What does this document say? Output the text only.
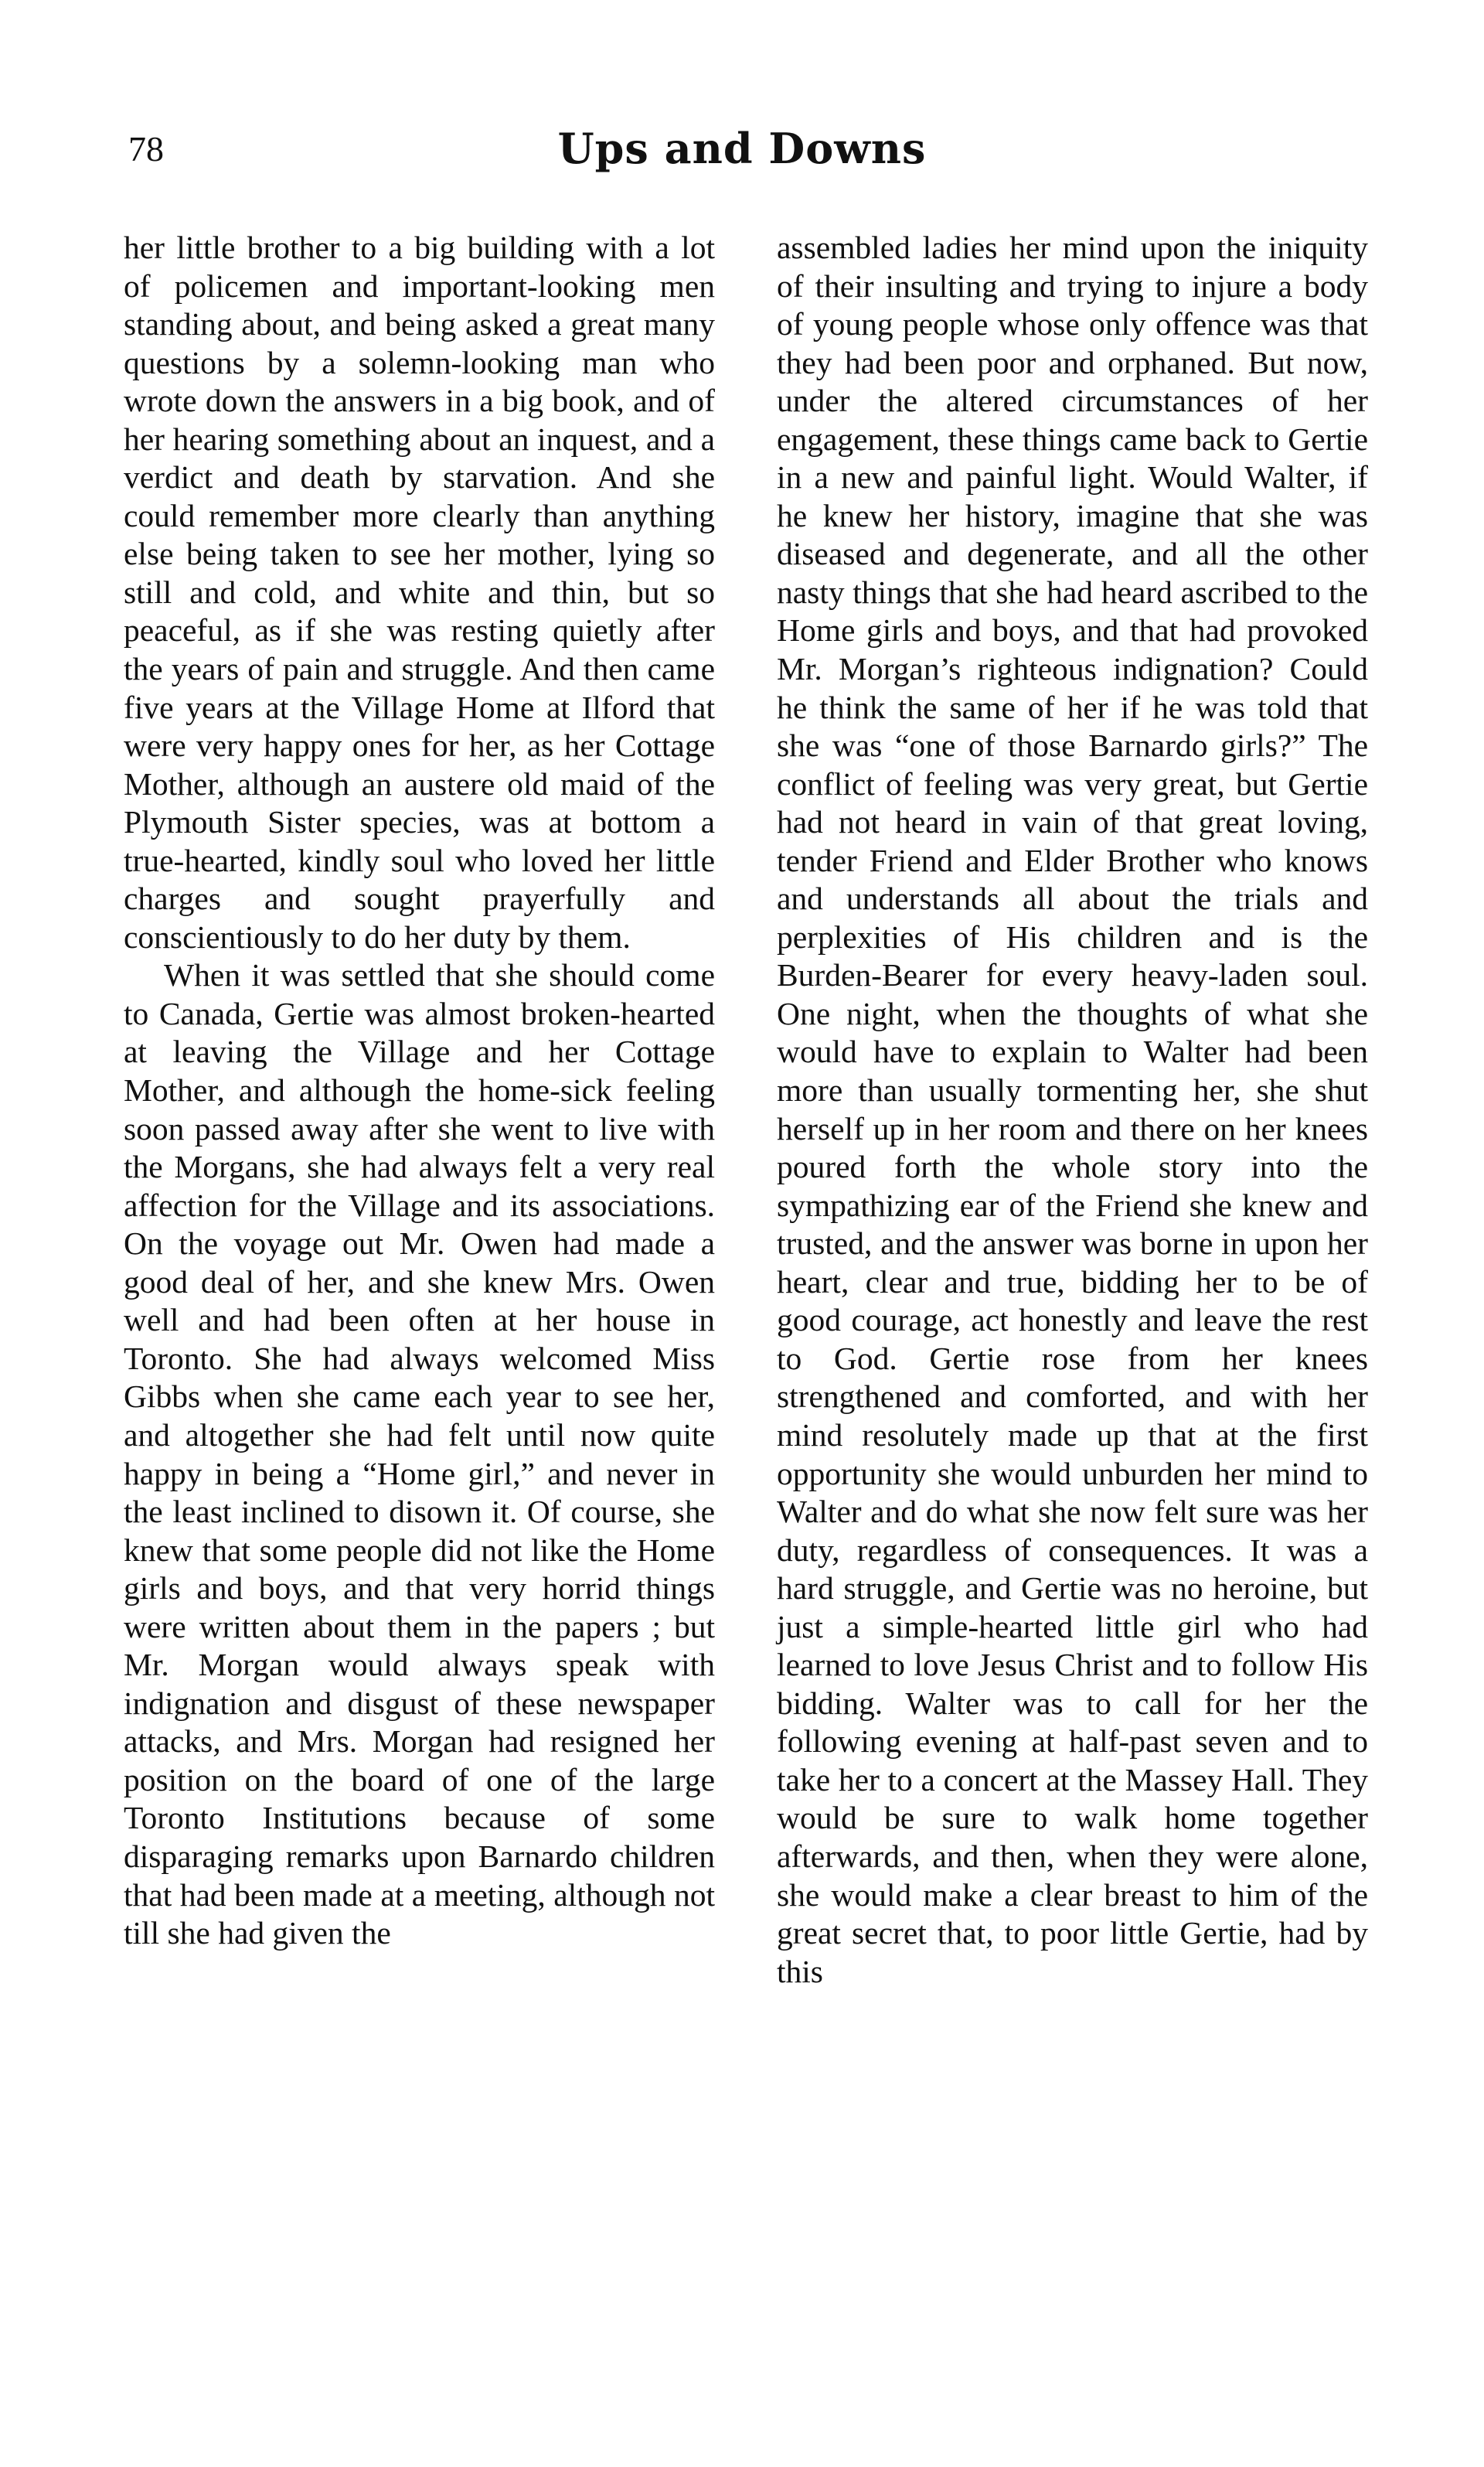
78	Ups and Downs

her little brother to a big building with a lot of policemen and important-looking men standing about, and being asked a great many questions by a solemn-looking man who wrote down the answers in a big book, and of her hearing something about an inquest, and a verdict and death by starvation. And she could remember more clearly than anything else being taken to see her mother, lying so still and cold, and white and thin, but so peaceful, as if she was resting quietly after the years of pain and struggle. And then came five years at the Village Home at Ilford that were very happy ones for her, as her Cottage Mother, although an austere old maid of the Plymouth Sister species, was at bottom a true-hearted, kindly soul who loved her little charges and sought prayerfully and conscientiously to do her duty by them.

When it was settled that she should come to Canada, Gertie was almost broken-hearted at leaving the Village and her Cottage Mother, and although the home-sick feeling soon passed away after she went to live with the Morgans, she had always felt a very real affection for the Village and its associations. On the voyage out Mr. Owen had made a good deal of her, and she knew Mrs. Owen well and had been often at her house in Toronto. She had always welcomed Miss Gibbs when she came each year to see her, and altogether she had felt until now quite happy in being a “Home girl,” and never in the least inclined to disown it. Of course, she knew that some people did not like the Home girls and boys, and that very horrid things were written about them in the papers ; but Mr. Morgan would always speak with indignation and disgust of these newspaper attacks, and Mrs. Morgan had resigned her position on the board of one of the large Toronto Institutions because of some disparaging remarks upon Barnardo children that had been made at a meeting, although not till she had given the

assembled ladies her mind upon the iniquity of their insulting and trying to injure a body of young people whose only offence was that they had been poor and orphaned. But now, under the altered circumstances of her engagement, these things came back to Gertie in a new and painful light. Would Walter, if he knew her history, imagine that she was diseased and degenerate, and all the other nasty things that she had heard ascribed to the Home girls and boys, and that had provoked Mr. Morgan’s righteous indignation? Could he think the same of her if he was told that she was “one of those Barnardo girls?” The conflict of feeling was very great, but Gertie had not heard in vain of that great loving, tender Friend and Elder Brother who knows and understands all about the trials and perplexities of His children and is the Burden-Bearer for every heavy-laden soul. One night, when the thoughts of what she would have to explain to Walter had been more than usually tormenting her, she shut herself up in her room and there on her knees poured forth the whole story into the sympathizing ear of the Friend she knew and trusted, and the answer was borne in upon her heart, clear and true, bidding her to be of good courage, act honestly and leave the rest to God. Gertie rose from her knees strengthened and comforted, and with her mind resolutely made up that at the first opportunity she would unburden her mind to Walter and do what she now felt sure was her duty, regardless of consequences. It was a hard struggle, and Gertie was no heroine, but just a simple-hearted little girl who had learned to love Jesus Christ and to follow His bidding. Walter was to call for her the following evening at half-past seven and to take her to a concert at the Massey Hall. They would be sure to walk home together afterwards, and then, when they were alone, she would make a clear breast to him of the great secret that, to poor little Gertie, had by this
